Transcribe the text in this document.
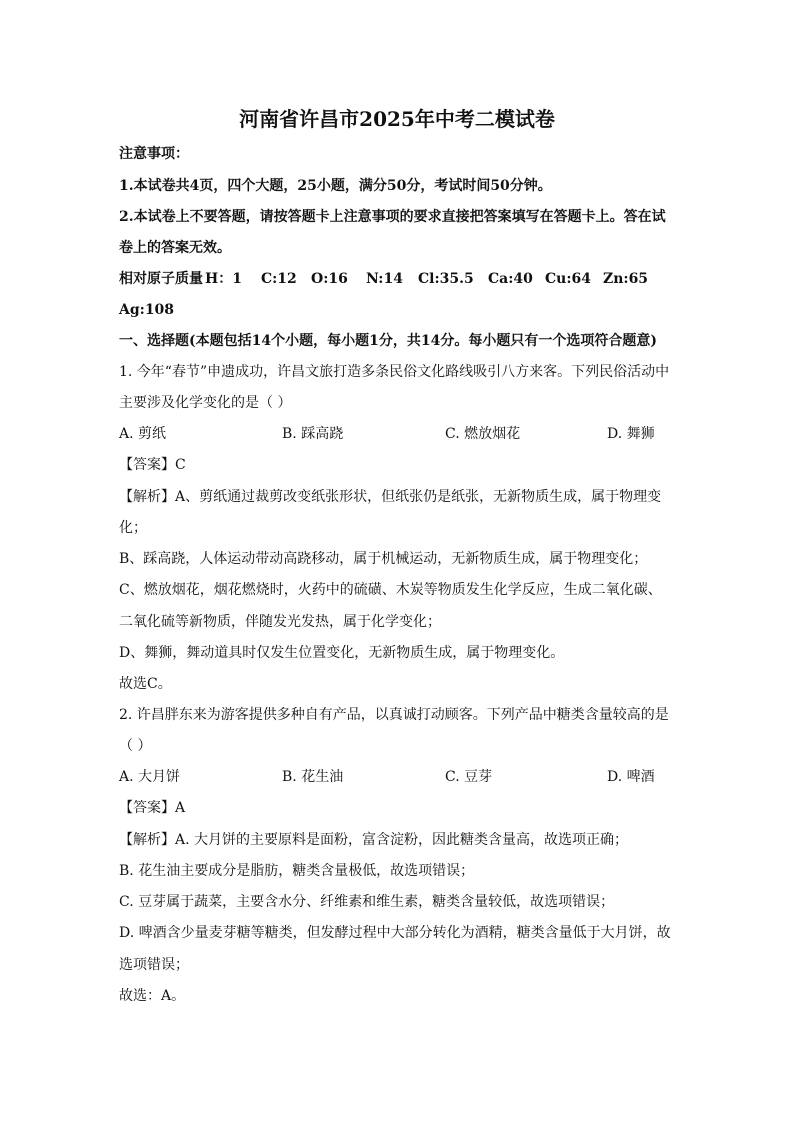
河南省许昌市2025年中考二模试卷
注意事项：
1.本试卷共4页，四个大题，25小题，满分50分，考试时间50分钟。
2.本试卷上不要答题，请按答题卡上注意事项的要求直接把答案填写在答题卡上。答在试
卷上的答案无效。
相对原子质量 H：1 C:12 O:16 N:14 Cl:35.5 Ca:40 Cu:64 Zn:65
Ag:108
一、选择题(本题包括14个小题，每小题1分，共14分。每小题只有一个选项符合题意)
1. 今年“春节”申遗成功，许昌文旅打造多条民俗文化路线吸引八方来客。下列民俗活动中
主要涉及化学变化的是（ ）
A. 剪纸	B. 踩高跷	C. 燃放烟花	D. 舞狮
【答案】C
【解析】A、剪纸通过裁剪改变纸张形状，但纸张仍是纸张，无新物质生成，属于物理变
化；
B、踩高跷，人体运动带动高跷移动，属于机械运动，无新物质生成，属于物理变化；
C、燃放烟花，烟花燃烧时，火药中的硫磺、木炭等物质发生化学反应，生成二氧化碳、
二氧化硫等新物质，伴随发光发热，属于化学变化；
D、舞狮，舞动道具时仅发生位置变化，无新物质生成，属于物理变化。
故选C。
2. 许昌胖东来为游客提供多种自有产品，以真诚打动顾客。下列产品中糖类含量较高的是
（ ）
A. 大月饼	B. 花生油	C. 豆芽	D. 啤酒
【答案】A
【解析】A. 大月饼的主要原料是面粉，富含淀粉，因此糖类含量高，故选项正确；
B. 花生油主要成分是脂肪，糖类含量极低，故选项错误；
C. 豆芽属于蔬菜，主要含水分、纤维素和维生素，糖类含量较低，故选项错误；
D. 啤酒含少量麦芽糖等糖类，但发酵过程中大部分转化为酒精，糖类含量低于大月饼，故
选项错误；
故选：A。
